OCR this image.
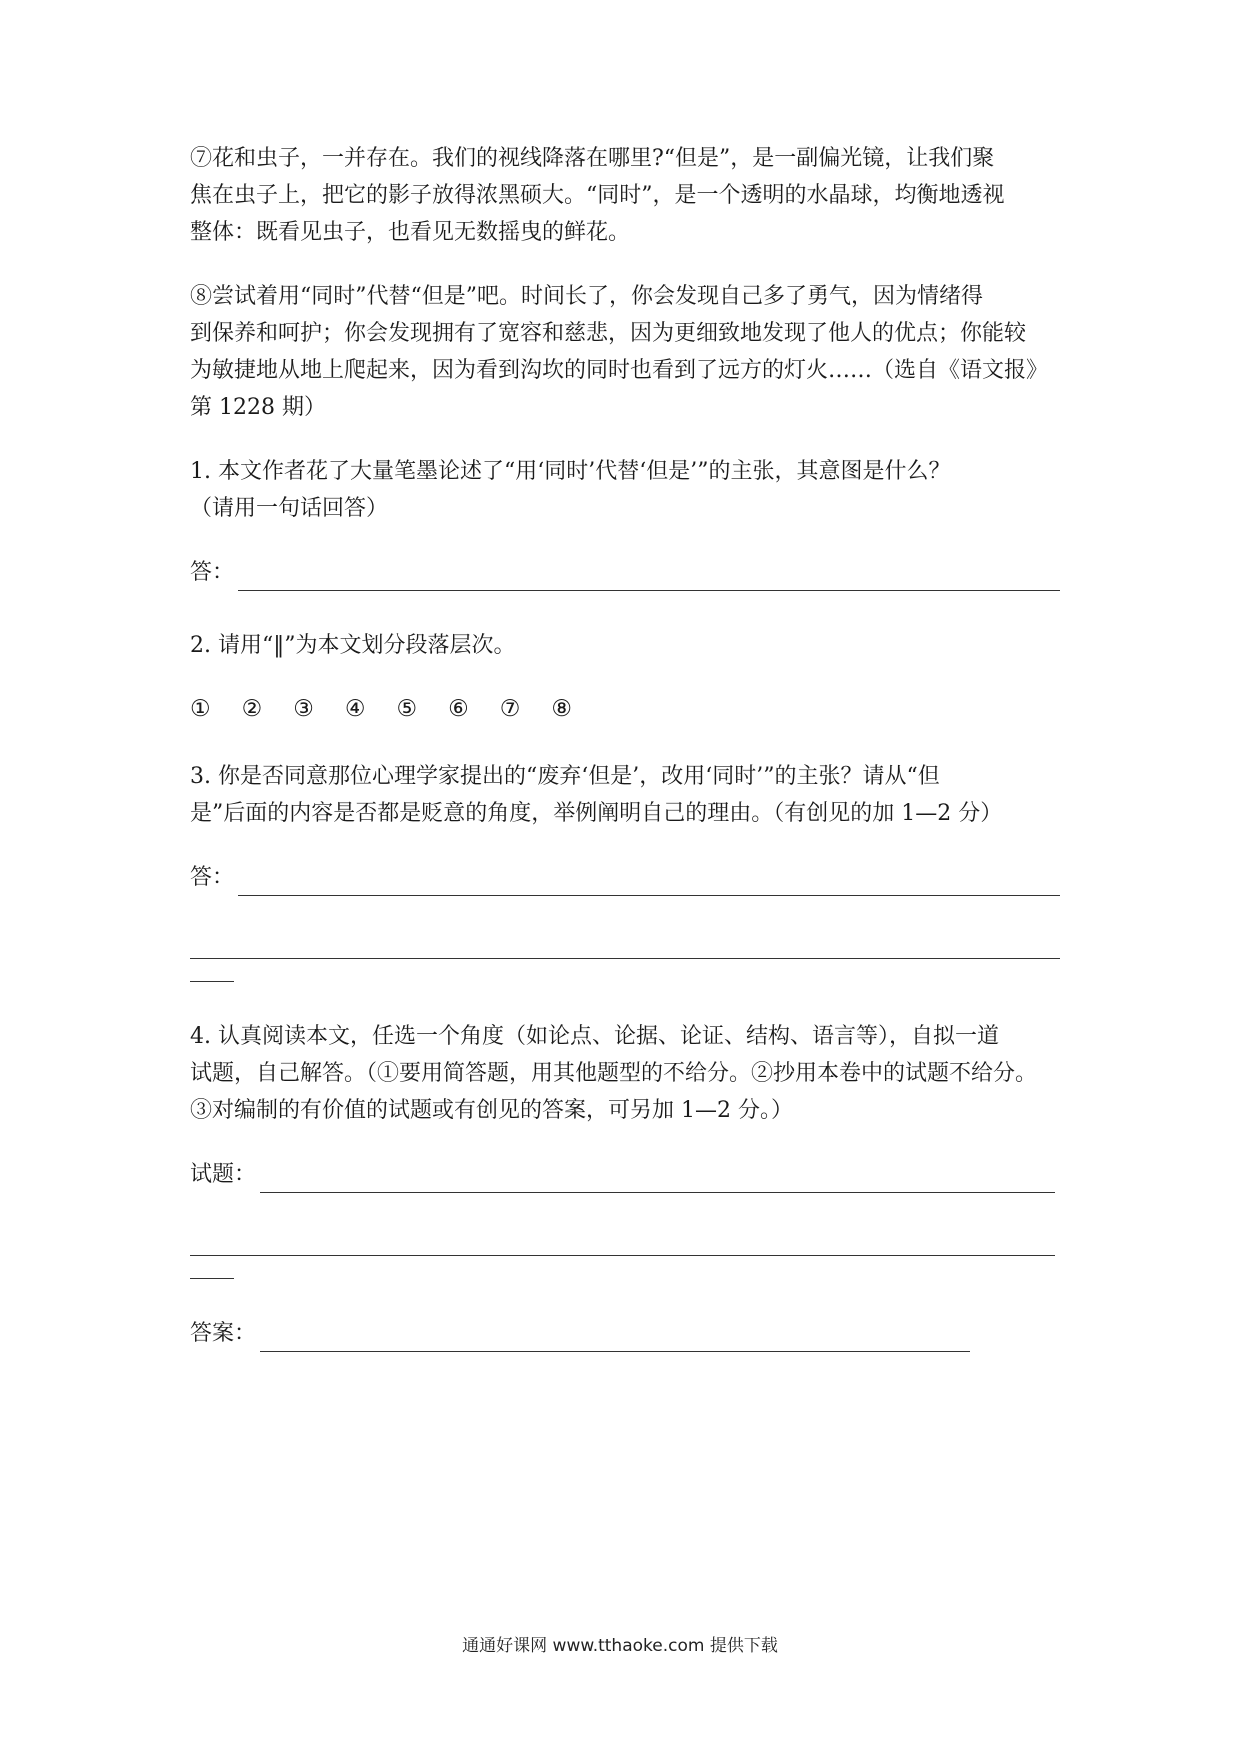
⑦花和虫子，一并存在。我们的视线降落在哪里?“但是”，是一副偏光镜，让我们聚
焦在虫子上，把它的影子放得浓黑硕大。“同时”，是一个透明的水晶球，均衡地透视
整体：既看见虫子，也看见无数摇曳的鲜花。
⑧尝试着用“同时”代替“但是”吧。时间长了，你会发现自己多了勇气，因为情绪得
到保养和呵护；你会发现拥有了宽容和慈悲，因为更细致地发现了他人的优点；你能较
为敏捷地从地上爬起来，因为看到沟坎的同时也看到了远方的灯火……（选自《语文报》
第 1228 期）
1. 本文作者花了大量笔墨论述了“用‘同时’代替‘但是’”的主张，其意图是什么？
（请用一句话回答）
答：
2. 请用“‖”为本文划分段落层次。
① ② ③ ④ ⑤ ⑥ ⑦ ⑧
3. 你是否同意那位心理学家提出的“废弃‘但是’，改用‘同时’”的主张？请从“但
是”后面的内容是否都是贬意的角度，举例阐明自己的理由。（有创见的加 1—2 分）
答：
4. 认真阅读本文，任选一个角度（如论点、论据、论证、结构、语言等），自拟一道
试题，自己解答。（①要用简答题，用其他题型的不给分。②抄用本卷中的试题不给分。
③对编制的有价值的试题或有创见的答案，可另加 1—2 分。）
试题：
答案：
通通好课网 www.tthaoke.com 提供下载
